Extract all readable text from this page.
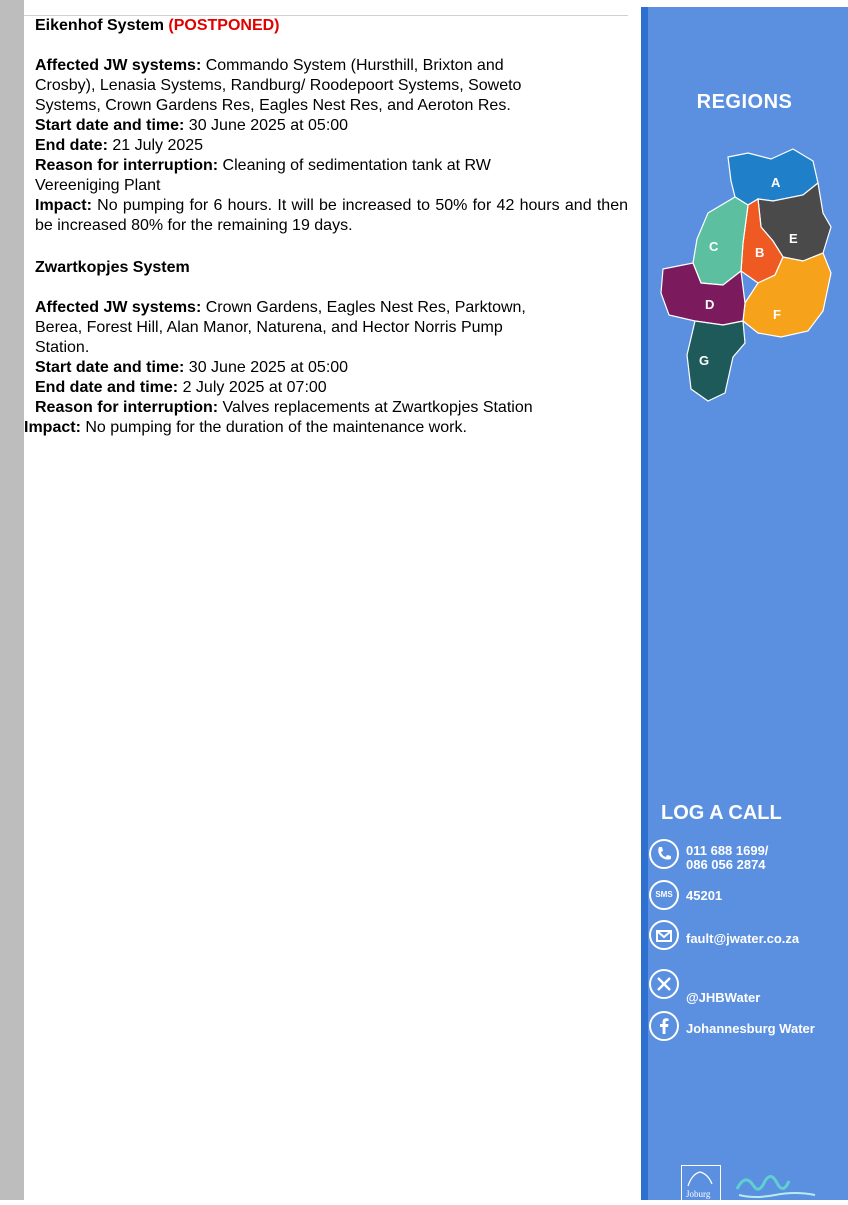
Eikenhof System (POSTPONED)

Affected JW systems: Commando System (Hursthill, Brixton and Crosby), Lenasia Systems, Randburg/ Roodepoort Systems, Soweto Systems, Crown Gardens Res, Eagles Nest Res, and Aeroton Res.

Start date and time: 30 June 2025 at 05:00

End date: 21 July 2025

Reason for interruption: Cleaning of sedimentation tank at RW Vereeniging Plant

Impact: No pumping for 6 hours. It will be increased to 50% for 42 hours and then be increased 80% for the remaining 19 days.

Zwartkopjes System

Affected JW systems: Crown Gardens, Eagles Nest Res, Parktown, Berea, Forest Hill, Alan Manor, Naturena, and Hector Norris Pump Station.

Start date and time: 30 June 2025 at 05:00

End date and time: 2 July 2025 at 07:00

Reason for interruption: Valves replacements at Zwartkopjes Station

Impact: No pumping for the duration of the maintenance work.

REGIONS
A
B
C
D
E
F
G
LOG A CALL
011 688 1699/
086 056 2874
SMS	45201
fault@jwater.co.za
@JHBWater
Johannesburg Water
Joburg
